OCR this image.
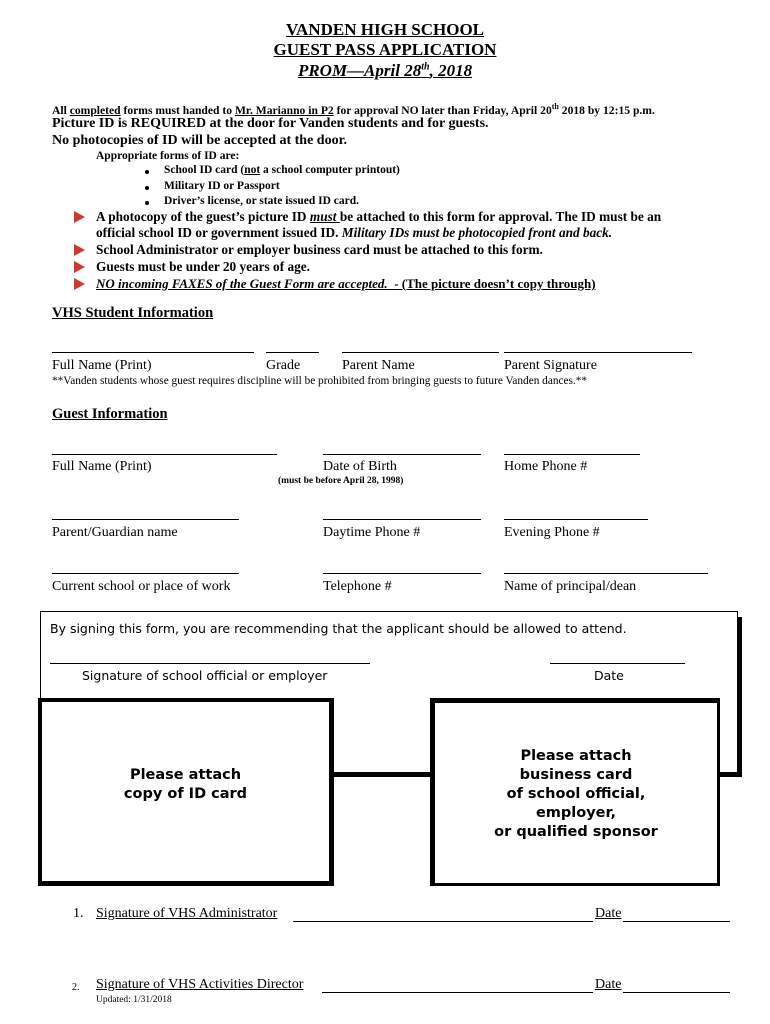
VANDEN HIGH SCHOOL
GUEST PASS APPLICATION
PROM—April 28th, 2018
All completed forms must handed to Mr. Marianno in P2 for approval NO later than Friday, April 20th 2018 by 12:15 p.m.
Picture ID is REQUIRED at the door for Vanden students and for guests.
No photocopies of ID will be accepted at the door.
Appropriate forms of ID are:
School ID card (not a school computer printout)
Military ID or Passport
Driver’s license, or state issued ID card.
A photocopy of the guest’s picture ID must be attached to this form for approval. The ID must be an
official school ID or government issued ID. Military IDs must be photocopied front and back.
School Administrator or employer business card must be attached to this form.
Guests must be under 20 years of age.
NO incoming FAXES of the Guest Form are accepted.  - (The picture doesn’t copy through)
VHS Student Information
Full Name (Print)	Grade	Parent Name	Parent Signature
**Vanden students whose guest requires discipline will be prohibited from bringing guests to future Vanden dances.**
Guest Information
Full Name (Print)	Date of Birth	Home Phone #
(must be before April 28, 1998)
Parent/Guardian name	Daytime Phone #	Evening Phone #
Current school or place of work	Telephone #	Name of principal/dean
By signing this form, you are recommending that the applicant should be allowed to attend.
Signature of school official or employer	Date
Please attach
copy of ID card
Please attach
business card
of school official,
employer,
or qualified sponsor
1. Signature of VHS Administrator	Date
2. Signature of VHS Activities Director	Date
Updated: 1/31/2018
